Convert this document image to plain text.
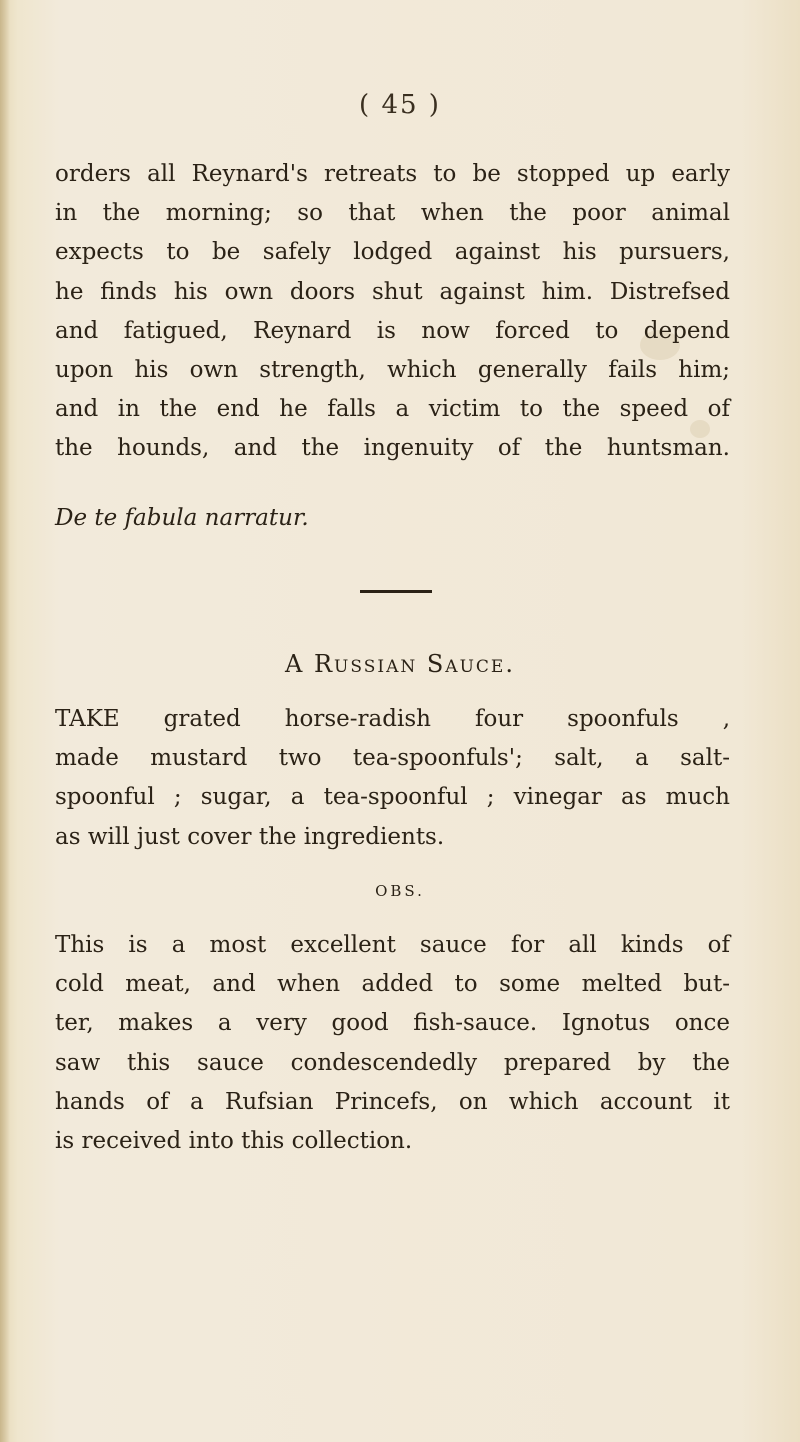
( 45 )
orders all Reynard's retreats to be stopped up early
in the morning; so that when the poor animal
expects to be safely lodged against his pursuers,
he finds his own doors shut against him. Distrefsed
and fatigued, Reynard is now forced to depend
upon his own strength, which generally fails him;
and in the end he falls a victim to the speed of
the hounds, and the ingenuity of the huntsman.

De te fabula narratur.

A Russian Sauce.

TAKE grated horse-radish four spoonfuls ,
made mustard two tea-spoonfuls'; salt, a salt-
spoonful ; sugar, a tea-spoonful ; vinegar as much
as will just cover the ingredients.

OBS.

This is a most excellent sauce for all kinds of
cold meat, and when added to some melted but-
ter, makes a very good fish-sauce. Ignotus once
saw this sauce condescendedly prepared by the
hands of a Rufsian Princefs, on which account it
is received into this collection.
